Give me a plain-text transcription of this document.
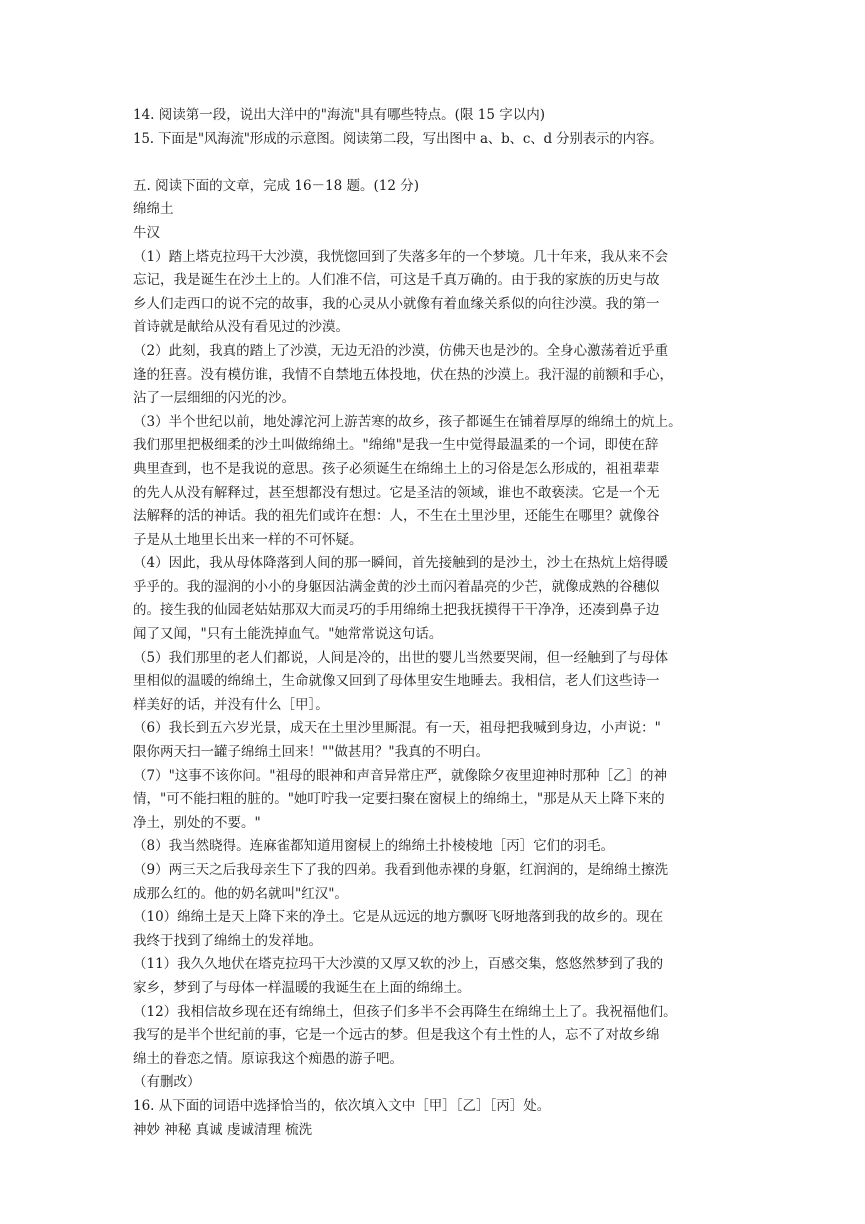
14. 阅读第一段，说出大洋中的"海流"具有哪些特点。(限 15 字以内)
15. 下面是"风海流"形成的示意图。阅读第二段，写出图中 a、b、c、d 分别表示的内容。
五. 阅读下面的文章，完成 16－18 题。(12 分)
绵绵土
牛汉
（1）踏上塔克拉玛干大沙漠，我恍惚回到了失落多年的一个梦境。几十年来，我从来不会
忘记，我是诞生在沙土上的。人们准不信，可这是千真万确的。由于我的家族的历史与故
乡人们走西口的说不完的故事，我的心灵从小就像有着血缘关系似的向往沙漠。我的第一
首诗就是献给从没有看见过的沙漠。
（2）此刻，我真的踏上了沙漠，无边无沿的沙漠，仿佛天也是沙的。全身心激荡着近乎重
逢的狂喜。没有模仿谁，我情不自禁地五体投地，伏在热的沙漠上。我汗湿的前额和手心，
沾了一层细细的闪光的沙。
（3）半个世纪以前，地处滹沱河上游苦寒的故乡，孩子都诞生在铺着厚厚的绵绵土的炕上。
我们那里把极细柔的沙土叫做绵绵土。"绵绵"是我一生中觉得最温柔的一个词，即使在辞
典里查到，也不是我说的意思。孩子必须诞生在绵绵土上的习俗是怎么形成的，祖祖辈辈
的先人从没有解释过，甚至想都没有想过。它是圣洁的领域，谁也不敢亵渎。它是一个无
法解释的活的神话。我的祖先们或许在想：人，不生在土里沙里，还能生在哪里？就像谷
子是从土地里长出来一样的不可怀疑。
（4）因此，我从母体降落到人间的那一瞬间，首先接触到的是沙土，沙土在热炕上焙得暖
乎乎的。我的湿润的小小的身躯因沾满金黄的沙土而闪着晶亮的少芒，就像成熟的谷穗似
的。接生我的仙园老姑姑那双大而灵巧的手用绵绵土把我抚摸得干干净净，还凑到鼻子边
闻了又闻，"只有土能洗掉血气。"她常常说这句话。
（5）我们那里的老人们都说，人间是冷的，出世的婴儿当然要哭闹，但一经触到了与母体
里相似的温暖的绵绵土，生命就像又回到了母体里安生地睡去。我相信，老人们这些诗一
样美好的话，并没有什么［甲］。
（6）我长到五六岁光景，成天在土里沙里厮混。有一天，祖母把我喊到身边，小声说："
限你两天扫一罐子绵绵土回来！""做甚用？"我真的不明白。
（7）"这事不该你问。"祖母的眼神和声音异常庄严，就像除夕夜里迎神时那种［乙］的神
情，"可不能扫粗的脏的。"她叮咛我一定要扫聚在窗棂上的绵绵土，"那是从天上降下来的
净土，别处的不要。"
（8）我当然晓得。连麻雀都知道用窗棂上的绵绵土扑棱棱地［丙］它们的羽毛。
（9）两三天之后我母亲生下了我的四弟。我看到他赤裸的身躯，红润润的，是绵绵土擦洗
成那么红的。他的奶名就叫"红汉"。
（10）绵绵土是天上降下来的净土。它是从远远的地方飘呀飞呀地落到我的故乡的。现在
我终于找到了绵绵土的发祥地。
（11）我久久地伏在塔克拉玛干大沙漠的又厚又软的沙上，百感交集，悠悠然梦到了我的
家乡，梦到了与母体一样温暖的我诞生在上面的绵绵土。
（12）我相信故乡现在还有绵绵土，但孩子们多半不会再降生在绵绵土上了。我祝福他们。
我写的是半个世纪前的事，它是一个远古的梦。但是我这个有土性的人，忘不了对故乡绵
绵土的眷恋之情。原谅我这个痴愚的游子吧。
（有删改）
16. 从下面的词语中选择恰当的，依次填入文中［甲］［乙］［丙］处。
神妙 神秘 真诚 虔诚清理 梳洗
